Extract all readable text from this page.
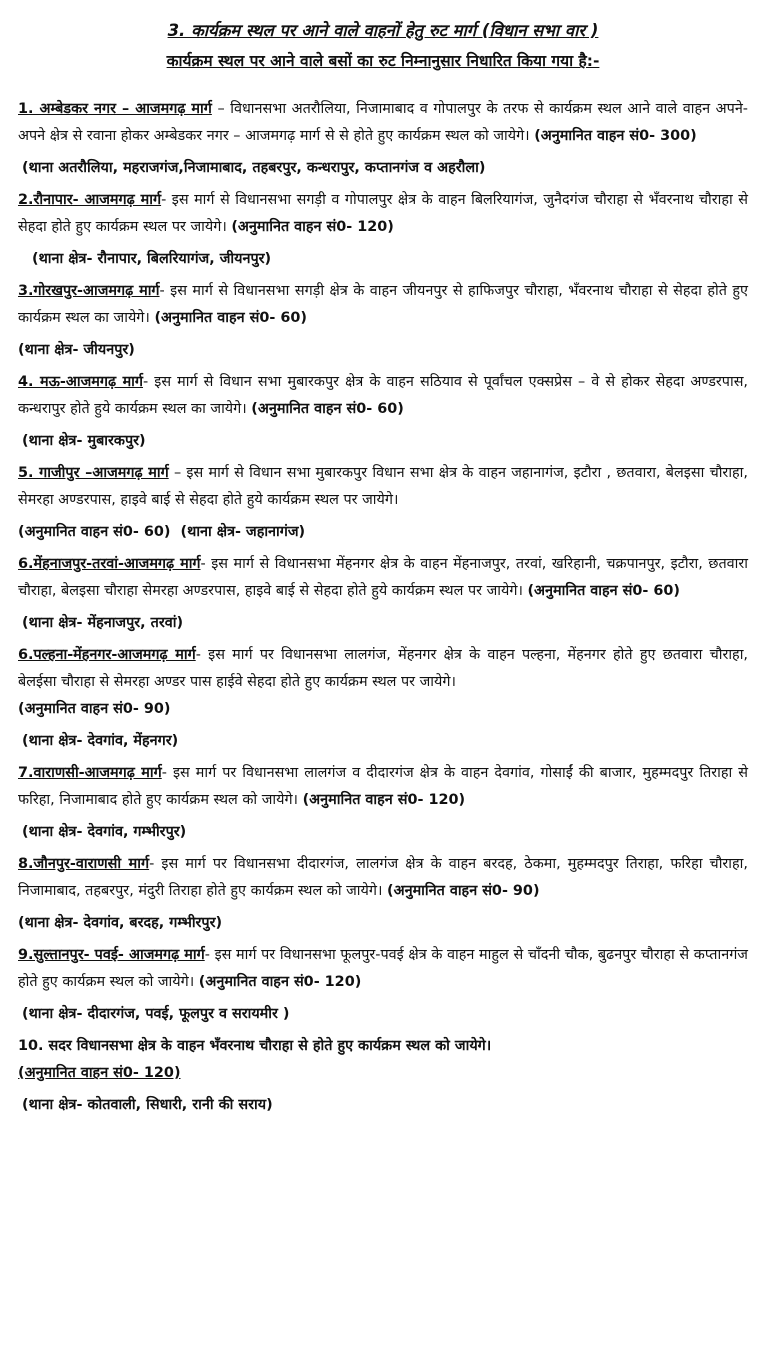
3. कार्यक्रम स्थल पर आने वाले वाहनों हेतु रुट मार्ग (विधान सभा वार )
कार्यक्रम स्थल पर आने वाले बसों का रुट निम्नानुसार निधारित किया गया है:-

1. अम्बेडकर नगर – आजमगढ़ मार्ग – विधानसभा अतरौलिया, निजामाबाद व गोपालपुर के तरफ से कार्यक्रम स्थल आने वाले वाहन अपने-अपने क्षेत्र से रवाना होकर अम्बेडकर नगर – आजमगढ़ मार्ग से से होते हुए कार्यक्रम स्थल को जायेगे। (अनुमानित वाहन सं0- 300)

(थाना अतरौलिया, महराजगंज,निजामाबाद, तहबरपुर, कन्धरापुर, कप्तानगंज व अहरौला)

2.रौनापार- आजमगढ़ मार्ग- इस मार्ग से विधानसभा सगड़ी व गोपालपुर क्षेत्र के वाहन बिलरियागंज, जुनैदगंज चौराहा से भँवरनाथ चौराहा से सेहदा होते हुए कार्यक्रम स्थल पर जायेगे। (अनुमानित वाहन सं0- 120)

(थाना क्षेत्र- रौनापार, बिलरियागंज, जीयनपुर)

3.गोरखपुर-आजमगढ़ मार्ग- इस मार्ग से विधानसभा सगड़ी क्षेत्र के वाहन जीयनपुर से हाफिजपुर चौराहा, भँवरनाथ चौराहा से सेहदा होते हुए कार्यक्रम स्थल का जायेगे। (अनुमानित वाहन सं0- 60)

(थाना क्षेत्र- जीयनपुर)

4. मऊ-आजमगढ़ मार्ग- इस मार्ग से विधान सभा मुबारकपुर क्षेत्र के वाहन सठियाव से पूर्वांचल एक्सप्रेस – वे से होकर सेहदा अण्डरपास, कन्धरापुर होते हुये कार्यक्रम स्थल का जायेगे। (अनुमानित वाहन सं0- 60)

(थाना क्षेत्र- मुबारकपुर)

5. गाजीपुर –आजमगढ़ मार्ग – इस मार्ग से विधान सभा मुबारकपुर विधान सभा क्षेत्र के वाहन जहानागंज, इटौरा , छतवारा, बेलइसा चौराहा, सेमरहा अण्डरपास, हाइवे बाई से सेहदा होते हुये कार्यक्रम स्थल पर जायेगे।

(अनुमानित वाहन सं0- 60) (थाना क्षेत्र- जहानागंज)

6.मेंहनाजपुर-तरवां-आजमगढ़ मार्ग- इस मार्ग से विधानसभा मेंहनगर क्षेत्र के वाहन मेंहनाजपुर, तरवां, खरिहानी, चक्रपानपुर, इटौरा, छतवारा चौराहा, बेलइसा चौराहा सेमरहा अण्डरपास, हाइवे बाई से सेहदा होते हुये कार्यक्रम स्थल पर जायेगे। (अनुमानित वाहन सं0- 60)

(थाना क्षेत्र- मेंहनाजपुर, तरवां)

6.पल्हना-मेंहनगर-आजमगढ़ मार्ग- इस मार्ग पर विधानसभा लालगंज, मेंहनगर क्षेत्र के वाहन पल्हना, मेंहनगर होते हुए छतवारा चौराहा, बेलईसा चौराहा से सेमरहा अण्डर पास हाईवे सेहदा होते हुए कार्यक्रम स्थल पर जायेगे।
(अनुमानित वाहन सं0- 90)

(थाना क्षेत्र- देवगांव, मेंहनगर)

7.वाराणसी-आजमगढ़ मार्ग- इस मार्ग पर विधानसभा लालगंज व दीदारगंज क्षेत्र के वाहन देवगांव, गोसाईं की बाजार, मुहम्मदपुर तिराहा से फरिहा, निजामाबाद होते हुए कार्यक्रम स्थल को जायेगे। (अनुमानित वाहन सं0- 120)

(थाना क्षेत्र- देवगांव, गम्भीरपुर)

8.जौनपुर-वाराणसी मार्ग- इस मार्ग पर विधानसभा दीदारगंज, लालगंज क्षेत्र के वाहन बरदह, ठेकमा, मुहम्मदपुर तिराहा, फरिहा चौराहा, निजामाबाद, तहबरपुर, मंदुरी तिराहा होते हुए कार्यक्रम स्थल को जायेगे। (अनुमानित वाहन सं0- 90)

(थाना क्षेत्र- देवगांव, बरदह, गम्भीरपुर)

9.सुल्तानपुर- पवई- आजमगढ़ मार्ग- इस मार्ग पर विधानसभा फूलपुर-पवई क्षेत्र के वाहन माहुल से चाँदनी चौक, बुढनपुर चौराहा से कप्तानगंज होते हुए कार्यक्रम स्थल को जायेगे। (अनुमानित वाहन सं0- 120)

(थाना क्षेत्र- दीदारगंज, पवई, फूलपुर व सरायमीर )

10. सदर विधानसभा क्षेत्र के वाहन भँवरनाथ चौराहा से होते हुए कार्यक्रम स्थल को जायेगे।

(अनुमानित वाहन सं0- 120)
(थाना क्षेत्र- कोतवाली, सिधारी, रानी की सराय)
